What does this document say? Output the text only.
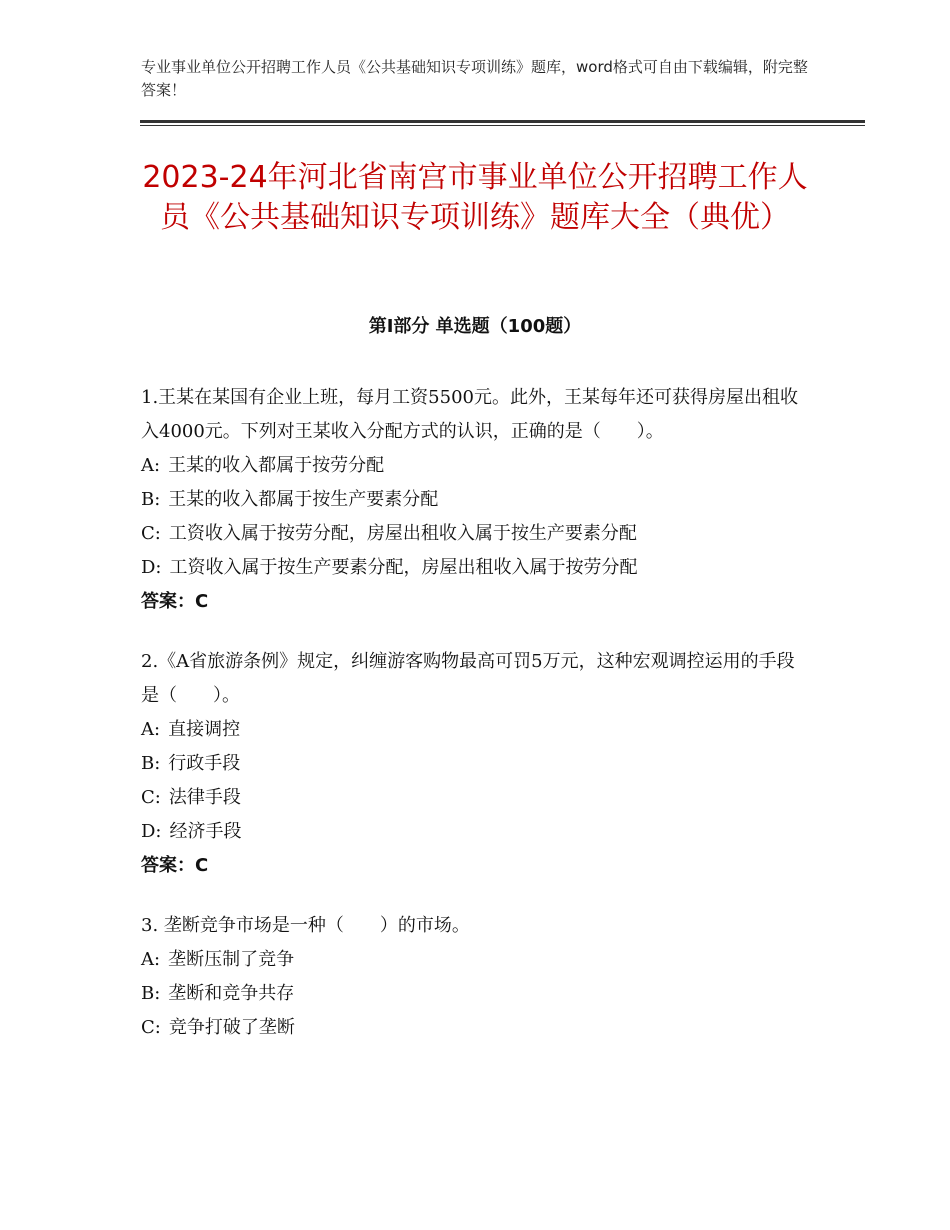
专业事业单位公开招聘工作人员《公共基础知识专项训练》题库，word格式可自由下载编辑，附完整答案！
2023-24年河北省南宫市事业单位公开招聘工作人员《公共基础知识专项训练》题库大全（典优）
第Ⅰ部分 单选题（100题）

1.王某在某国有企业上班，每月工资5500元。此外，王某每年还可获得房屋出租收入4000元。下列对王某收入分配方式的认识，正确的是（　　）。

A: 王某的收入都属于按劳分配

B: 王某的收入都属于按生产要素分配

C: 工资收入属于按劳分配，房屋出租收入属于按生产要素分配

D: 工资收入属于按生产要素分配，房屋出租收入属于按劳分配

答案：C

2.《A省旅游条例》规定，纠缠游客购物最高可罚5万元，这种宏观调控运用的手段是（　　）。

A: 直接调控

B: 行政手段

C: 法律手段

D: 经济手段

答案：C

3. 垄断竞争市场是一种（　　）的市场。

A: 垄断压制了竞争

B: 垄断和竞争共存

C: 竞争打破了垄断
